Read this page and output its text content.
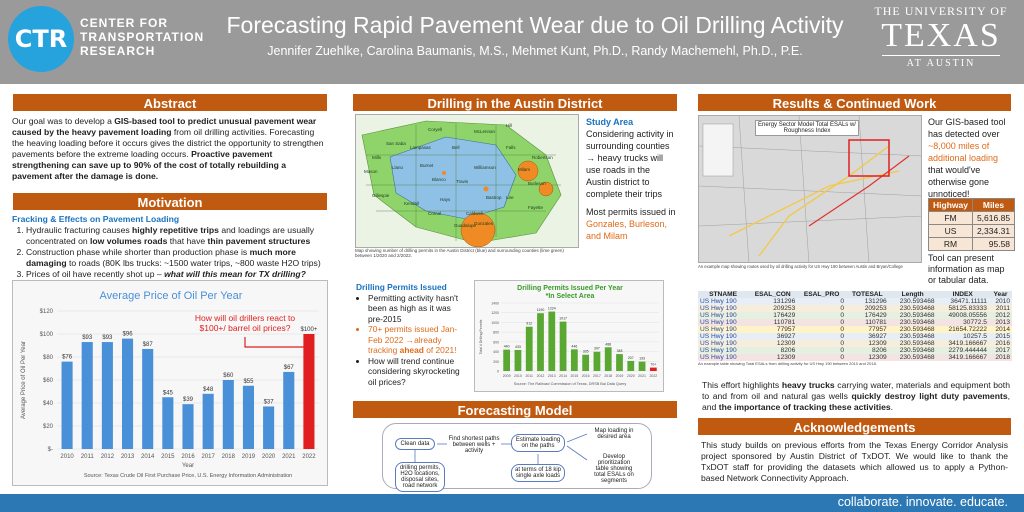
CTR
CENTER FOR
TRANSPORTATION
RESEARCH
Forecasting Rapid Pavement Wear due to Oil Drilling Activity
Jennifer Zuehlke, Carolina Baumanis, M.S., Mehmet Kunt, Ph.D., Randy Machemehl, Ph.D., P.E.
THE UNIVERSITY OF
TEXAS
AT AUSTIN
Abstract
Our goal was to develop a GIS-based tool to predict unusual pavement wear caused by the heavy pavement loading from oil drilling activities. Forecasting the heaving loading before it occurs gives the district the opportunity to strengthen pavements before the extreme loading occurs. Proactive pavement strengthening can save up to 90% of the cost of totally rebuilding a pavement after the damage is done.
Motivation
Fracking & Effects on Pavement Loading
1. Hydraulic fracturing causes highly repetitive trips and loadings are usually concentrated on low volumes roads that have thin pavement structures
2. Construction phase while shorter than production phase is much more damaging to roads (80K lbs trucks: ~1500 water trips, ~800 waste H2O trips)
3. Prices of oil have recently shot up – what will this mean for TX drilling?
Average Price of Oil Per Year
$-
$20
$40
$60
$80
$100
$120
Average Price of Oil Per Year	$76
2010
$93
2011
$93
2012
$96
2013
$87
2014
$45
2015
$39
2016
$48
2017
$60
2018
$55
2019
$37
2020
$67
2021
$100+
2022
Year
Source: Texas Crude Oil First Purchase Price, U.S. Energy Information Administration
How will oil drillers react to $100+/ barrel oil prices?
Drilling in the Austin District
Coryell	McLennan
Hill
Bell
Lampasas	Falls
Robertson
Milam
Burleson
Williamson
Burnet
Llano
Blanco Travis
Lee
Bastrop
Hays
Caldwell
Fayette
Gonzales
Guadalupe
Comal
Kendall
Gillespie
Mason
San Saba
Mills
Map showing number of drilling permits in the Austin District (blue) and surrounding counties (lime green) between 1/2020 and 2/2022.
Study Area
Considering activity in surrounding counties → heavy trucks will use roads in the Austin district to complete their trips
Most permits issued in Gonzales, Burleson, and Milam
Drilling Permits Issued
• Permitting activity hasn't been as high as it was pre-2015
• 70+ permits issued Jan-Feb 2022 →already tracking ahead of 2021!
• How will trend continue considering skyrocketing oil prices?
Drilling Permits Issued Per Year
*In Select Area
0
200
400
600
800
1000
1200
1400
Total # Drilling Permits	440
2009
433
2010
912
2011
1190
2012
1224
2013
1017
2014
446
2015
335
2016
397
2017
488
2018
348
2019
207
2020
193
2021
70+
2022
Source: The Railroad Commission of Texas, DRSB Bai Data Query
Forecasting Model
Clean data
Find shortest paths between wells + activity
Estimate loading on the paths
Map loading in desired area
drilling permits, H2O locations, disposal sites, road network
at terms of 18 kip single axle loads
Develop prioritization table showing total ESALs on segments
Results & Continued Work
Energy Sector Model Total ESALs w/ Roughness Index
An example map showing routes used by oil drilling activity for US Hwy 190 between Austin and Bryan/College
Our GIS-based tool has detected over ~8,000 miles of additional loading that would've otherwise gone unnoticed!
Highway	Miles
FM	5,616.85
US	2,334.31
RM	95.58
Tool can present information as map or tabular data.
STNAME	ESAL_CON	ESAL_PRO	TOTESAL	Length	INDEX	Year
US Hwy 190	131296	0	131296	230.593468	36471.11111	2010
US Hwy 190	209253	0	209253	230.593468	58125.83333	2011
US Hwy 190	176429	0	176429	230.593468	49008.05556	2012
US Hwy 190	110781	0	110781	230.593468	30772.5	2013
US Hwy 190	77957	0	77957	230.593468	21654.72222	2014
US Hwy 190	36927	0	36927	230.593468	10257.5	2015
US Hwy 190	12309	0	12309	230.593468	3419.166667	2016
US Hwy 190	8206	0	8206	230.593468	2279.444444	2017
US Hwy 190	12309	0	12309	230.593468	3419.166667	2018
An example table showing Total ESALs from drilling activity for US Hwy 190 between 2010 and 2018.
This effort highlights heavy trucks carrying water, materials and equipment both to and from oil and natural gas wells quickly destroy light duty pavements, and the importance of tracking these activities.
Acknowledgements
This study builds on previous efforts from the Texas Energy Corridor Analysis project sponsored by Austin District of TxDOT. We would like to thank the TxDOT staff for providing the datasets which allowed us to apply a Python-based Network Connectivity Approach.
collaborate. innovate. educate.
